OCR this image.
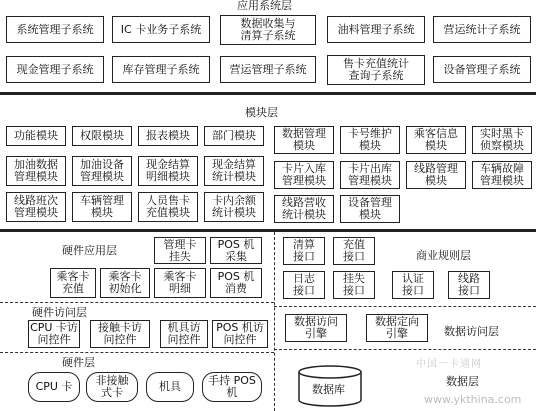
应用系统层
系统管理子系统	IC 卡业务子系统	数据收集与
清算子系统	油料管理子系统	营运统计子系统
现金管理子系统	库存管理子系统	营运管理子系统	售卡充值统计
查询子系统	设备管理子系统
模块层
功能模块	权限模块	报表模块	部门模块	数据管理
模块
卡号维护
模块
乘客信息
模块
实时黑卡
侦察模块
加油数据
管理模块
加油设备
管理模块
现金结算
明细模块
现金结算
统计模块
卡片入库
管理模块
卡片出库
管理模块
线路管理
模块
车辆故障
管理模块
线路班次
管理模块
车辆管理
模块
人员售卡
充值模块
卡内余额
统计模块
线路营收
统计模块
设备管理
模块
硬件应用层	管理卡
挂失
POS 机
采集
乘客卡
充值
乘客卡
初始化
乘客卡
明细
POS 机
消费
硬件访问层
CPU 卡访
问控件
接触卡访
问控件
机具访
问控件
POS 机访
问控件
硬件层
CPU 卡	非接触
式卡	机具	手持 POS
机
清算
接口
充值
接口	商业规则层
日志
接口
挂失
接口
认证
接口
线路
接口
数据访问
引擎
数据定向
引擎	数据访问层
中国一卡通网
数据库
数据层
www.ykthina.com
